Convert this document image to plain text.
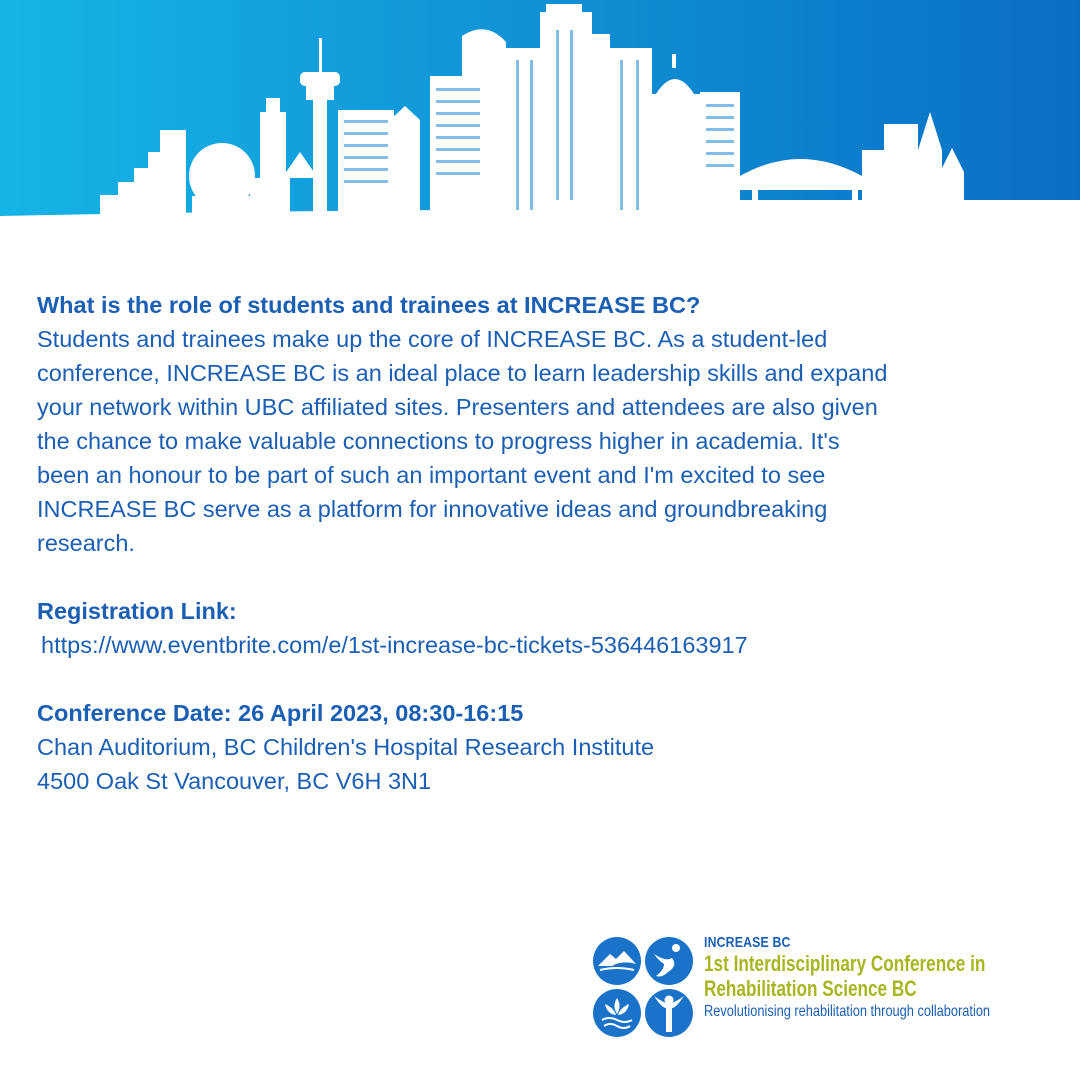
What is the role of students and trainees at INCREASE BC?

Students and trainees make up the core of INCREASE BC. As a student-led

conference, INCREASE BC is an ideal place to learn leadership skills and expand

your network within UBC affiliated sites. Presenters and attendees are also given

the chance to make valuable connections to progress higher in academia. It's

been an honour to be part of such an important event and I'm excited to see

INCREASE BC serve as a platform for innovative ideas and groundbreaking

research.

Registration Link:

https://www.eventbrite.com/e/1st-increase-bc-tickets-536446163917

Conference Date: 26 April 2023, 08:30-16:15

Chan Auditorium, BC Children's Hospital Research Institute

4500 Oak St Vancouver, BC V6H 3N1

INCREASE BC
1st Interdisciplinary Conference in
Rehabilitation Science BC
Revolutionising rehabilitation through collaboration
